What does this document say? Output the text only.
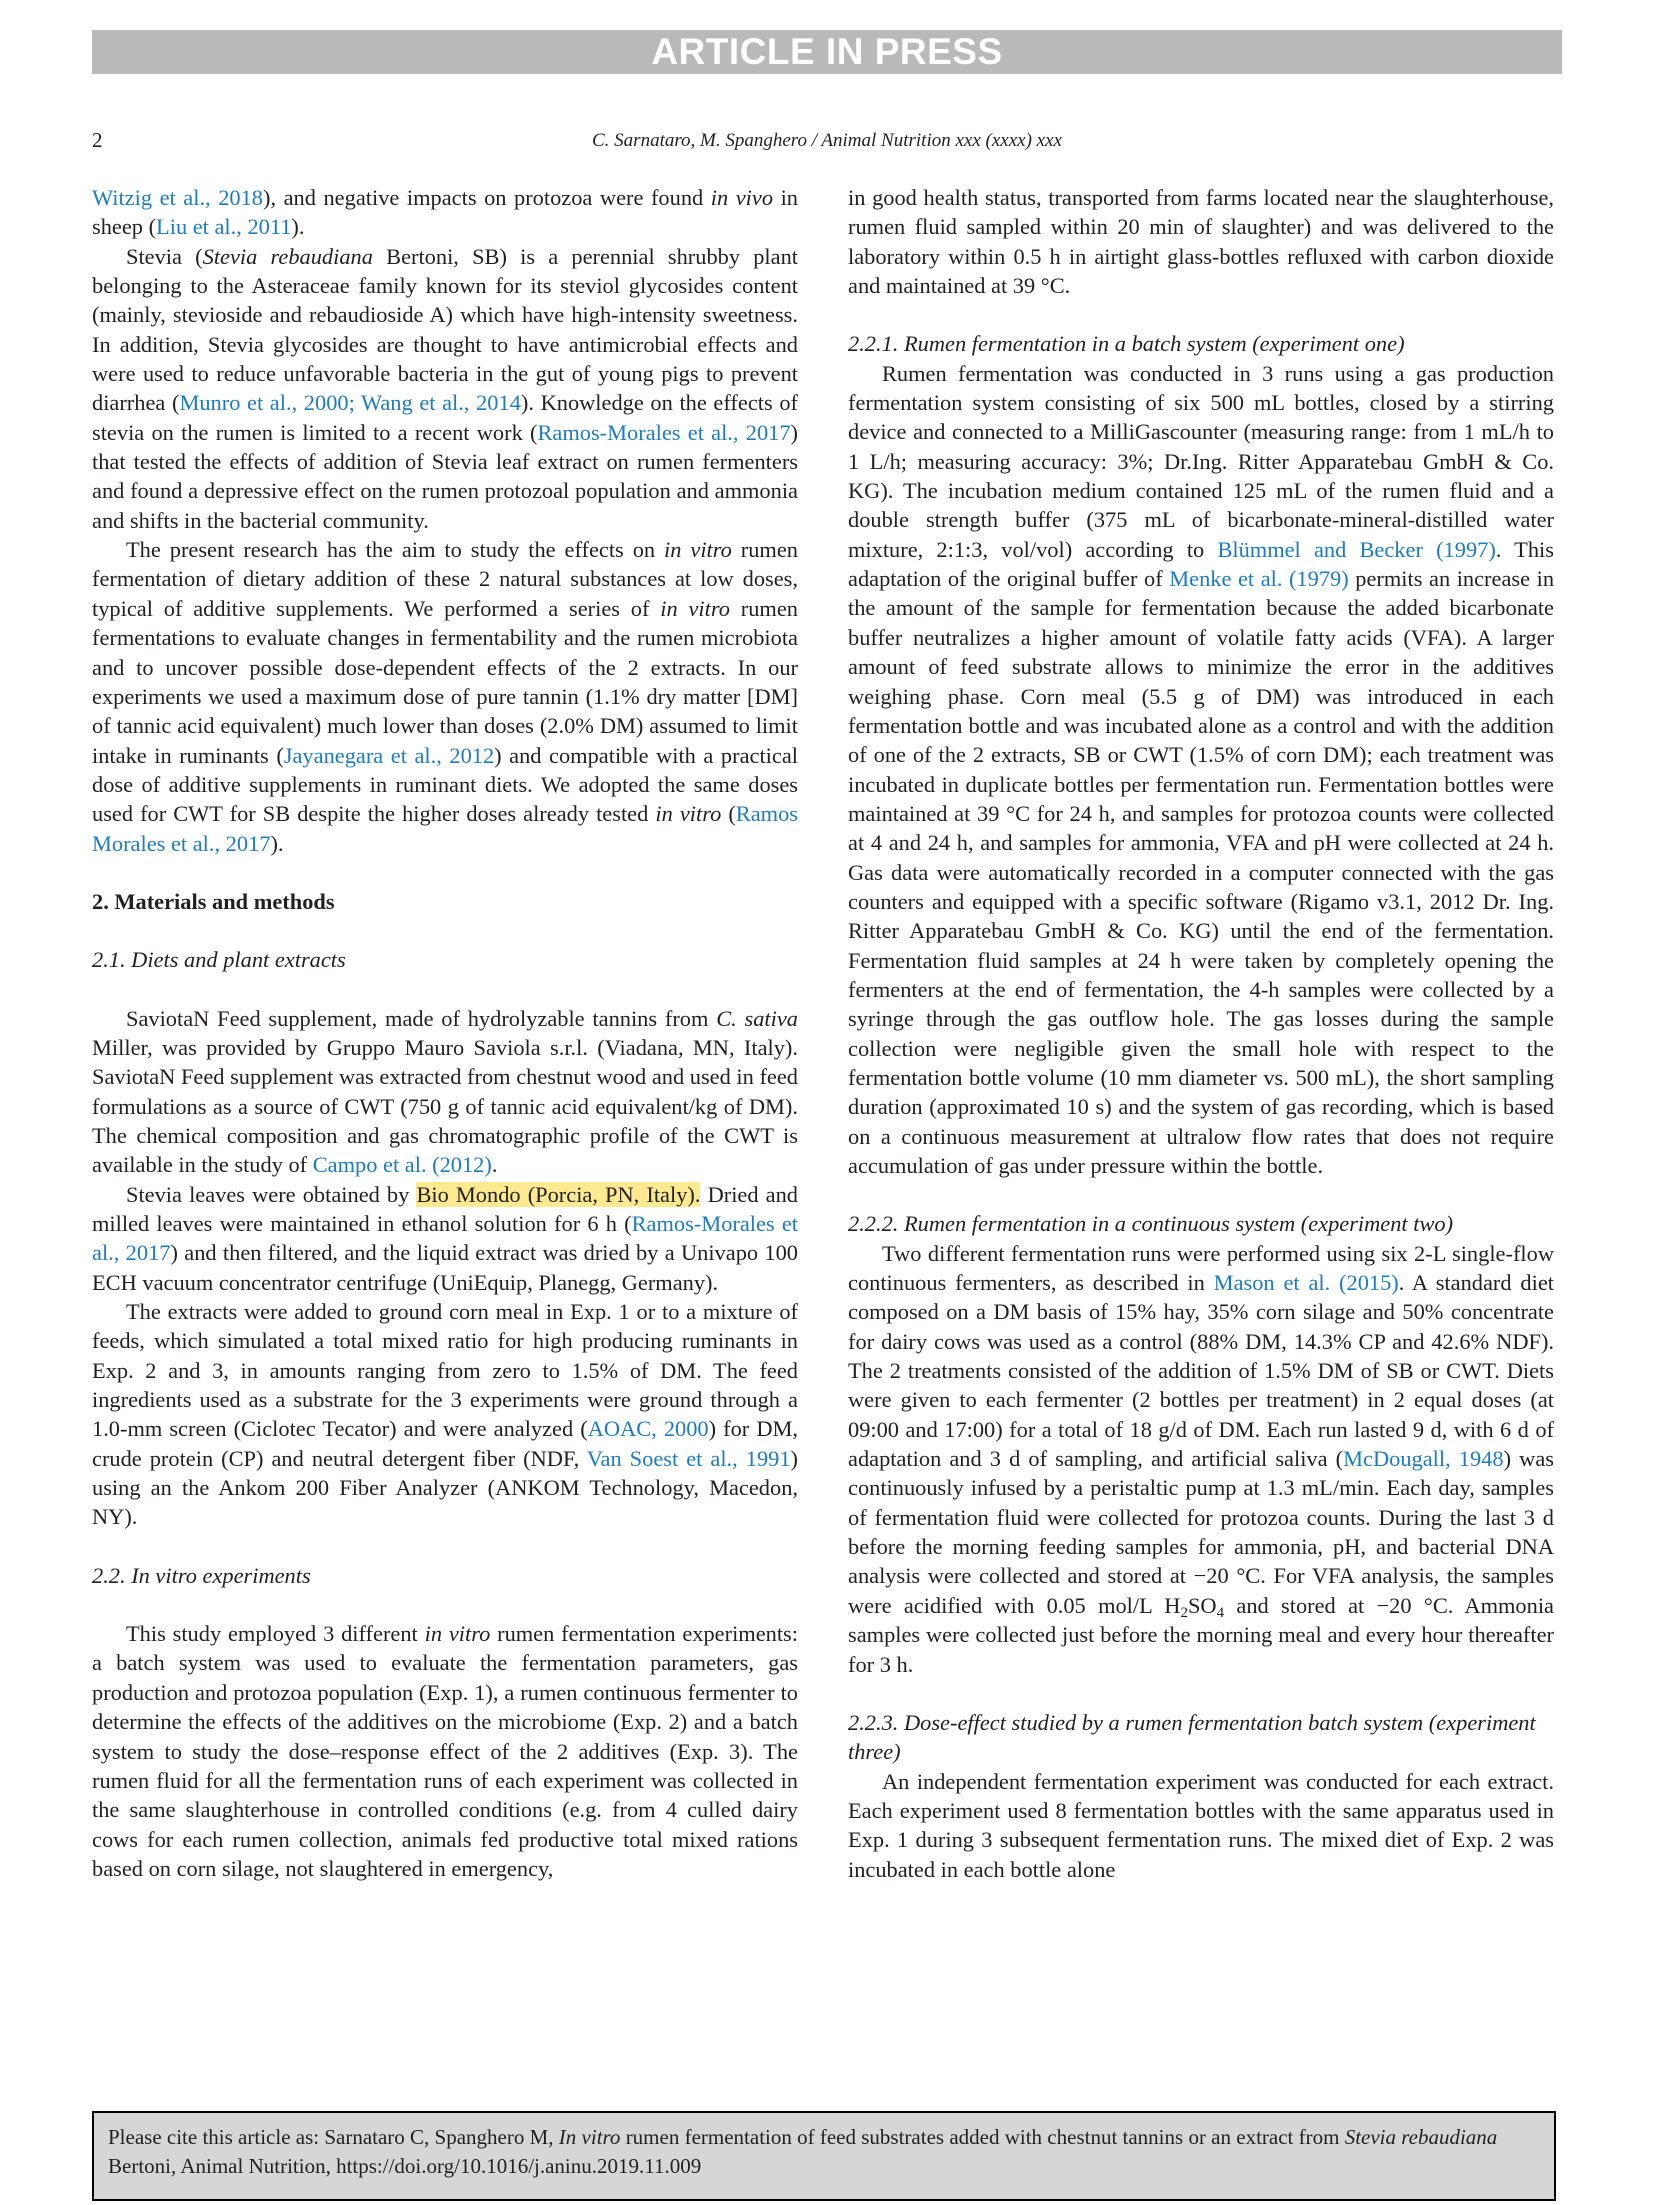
ARTICLE IN PRESS
2	C. Sarnataro, M. Spanghero / Animal Nutrition xxx (xxxx) xxx

Witzig et al., 2018), and negative impacts on protozoa were found in vivo in sheep (Liu et al., 2011).

Stevia (Stevia rebaudiana Bertoni, SB) is a perennial shrubby plant belonging to the Asteraceae family known for its steviol glycosides content (mainly, stevioside and rebaudioside A) which have high-intensity sweetness. In addition, Stevia glycosides are thought to have antimicrobial effects and were used to reduce unfavorable bacteria in the gut of young pigs to prevent diarrhea (Munro et al., 2000; Wang et al., 2014). Knowledge on the effects of stevia on the rumen is limited to a recent work (Ramos-Morales et al., 2017) that tested the effects of addition of Stevia leaf extract on rumen fermenters and found a depressive effect on the rumen protozoal population and ammonia and shifts in the bacterial community.

The present research has the aim to study the effects on in vitro rumen fermentation of dietary addition of these 2 natural substances at low doses, typical of additive supplements. We performed a series of in vitro rumen fermentations to evaluate changes in fermentability and the rumen microbiota and to uncover possible dose-dependent effects of the 2 extracts. In our experiments we used a maximum dose of pure tannin (1.1% dry matter [DM] of tannic acid equivalent) much lower than doses (2.0% DM) assumed to limit intake in ruminants (Jayanegara et al., 2012) and compatible with a practical dose of additive supplements in ruminant diets. We adopted the same doses used for CWT for SB despite the higher doses already tested in vitro (Ramos Morales et al., 2017).

2. Materials and methods
2.1. Diets and plant extracts

SaviotaN Feed supplement, made of hydrolyzable tannins from C. sativa Miller, was provided by Gruppo Mauro Saviola s.r.l. (Viadana, MN, Italy). SaviotaN Feed supplement was extracted from chestnut wood and used in feed formulations as a source of CWT (750 g of tannic acid equivalent/kg of DM). The chemical composition and gas chromatographic profile of the CWT is available in the study of Campo et al. (2012).

Stevia leaves were obtained by Bio Mondo (Porcia, PN, Italy). Dried and milled leaves were maintained in ethanol solution for 6 h (Ramos-Morales et al., 2017) and then filtered, and the liquid extract was dried by a Univapo 100 ECH vacuum concentrator centrifuge (UniEquip, Planegg, Germany).

The extracts were added to ground corn meal in Exp. 1 or to a mixture of feeds, which simulated a total mixed ratio for high producing ruminants in Exp. 2 and 3, in amounts ranging from zero to 1.5% of DM. The feed ingredients used as a substrate for the 3 experiments were ground through a 1.0-mm screen (Ciclotec Tecator) and were analyzed (AOAC, 2000) for DM, crude protein (CP) and neutral detergent fiber (NDF, Van Soest et al., 1991) using an the Ankom 200 Fiber Analyzer (ANKOM Technology, Macedon, NY).

2.2. In vitro experiments

This study employed 3 different in vitro rumen fermentation experiments: a batch system was used to evaluate the fermentation parameters, gas production and protozoa population (Exp. 1), a rumen continuous fermenter to determine the effects of the additives on the microbiome (Exp. 2) and a batch system to study the dose–response effect of the 2 additives (Exp. 3). The rumen fluid for all the fermentation runs of each experiment was collected in the same slaughterhouse in controlled conditions (e.g. from 4 culled dairy cows for each rumen collection, animals fed productive total mixed rations based on corn silage, not slaughtered in emergency,

in good health status, transported from farms located near the slaughterhouse, rumen fluid sampled within 20 min of slaughter) and was delivered to the laboratory within 0.5 h in airtight glass-bottles refluxed with carbon dioxide and maintained at 39 °C.

2.2.1. Rumen fermentation in a batch system (experiment one)

Rumen fermentation was conducted in 3 runs using a gas production fermentation system consisting of six 500 mL bottles, closed by a stirring device and connected to a MilliGascounter (measuring range: from 1 mL/h to 1 L/h; measuring accuracy: 3%; Dr.Ing. Ritter Apparatebau GmbH & Co. KG). The incubation medium contained 125 mL of the rumen fluid and a double strength buffer (375 mL of bicarbonate-mineral-distilled water mixture, 2:1:3, vol/vol) according to Blümmel and Becker (1997). This adaptation of the original buffer of Menke et al. (1979) permits an increase in the amount of the sample for fermentation because the added bicarbonate buffer neutralizes a higher amount of volatile fatty acids (VFA). A larger amount of feed substrate allows to minimize the error in the additives weighing phase. Corn meal (5.5 g of DM) was introduced in each fermentation bottle and was incubated alone as a control and with the addition of one of the 2 extracts, SB or CWT (1.5% of corn DM); each treatment was incubated in duplicate bottles per fermentation run. Fermentation bottles were maintained at 39 °C for 24 h, and samples for protozoa counts were collected at 4 and 24 h, and samples for ammonia, VFA and pH were collected at 24 h. Gas data were automatically recorded in a computer connected with the gas counters and equipped with a specific software (Rigamo v3.1, 2012 Dr. Ing. Ritter Apparatebau GmbH & Co. KG) until the end of the fermentation. Fermentation fluid samples at 24 h were taken by completely opening the fermenters at the end of fermentation, the 4-h samples were collected by a syringe through the gas outflow hole. The gas losses during the sample collection were negligible given the small hole with respect to the fermentation bottle volume (10 mm diameter vs. 500 mL), the short sampling duration (approximated 10 s) and the system of gas recording, which is based on a continuous measurement at ultralow flow rates that does not require accumulation of gas under pressure within the bottle.

2.2.2. Rumen fermentation in a continuous system (experiment two)

Two different fermentation runs were performed using six 2-L single-flow continuous fermenters, as described in Mason et al. (2015). A standard diet composed on a DM basis of 15% hay, 35% corn silage and 50% concentrate for dairy cows was used as a control (88% DM, 14.3% CP and 42.6% NDF). The 2 treatments consisted of the addition of 1.5% DM of SB or CWT. Diets were given to each fermenter (2 bottles per treatment) in 2 equal doses (at 09:00 and 17:00) for a total of 18 g/d of DM. Each run lasted 9 d, with 6 d of adaptation and 3 d of sampling, and artificial saliva (McDougall, 1948) was continuously infused by a peristaltic pump at 1.3 mL/min. Each day, samples of fermentation fluid were collected for protozoa counts. During the last 3 d before the morning feeding samples for ammonia, pH, and bacterial DNA analysis were collected and stored at −20 °C. For VFA analysis, the samples were acidified with 0.05 mol/L $H_2SO_4$ and stored at −20 °C. Ammonia samples were collected just before the morning meal and every hour thereafter for 3 h.

2.2.3. Dose-effect studied by a rumen fermentation batch system (experiment three)

An independent fermentation experiment was conducted for each extract. Each experiment used 8 fermentation bottles with the same apparatus used in Exp. 1 during 3 subsequent fermentation runs. The mixed diet of Exp. 2 was incubated in each bottle alone

Please cite this article as: Sarnataro C, Spanghero M, In vitro rumen fermentation of feed substrates added with chestnut tannins or an extract from Stevia rebaudiana Bertoni, Animal Nutrition, https://doi.org/10.1016/j.aninu.2019.11.009
